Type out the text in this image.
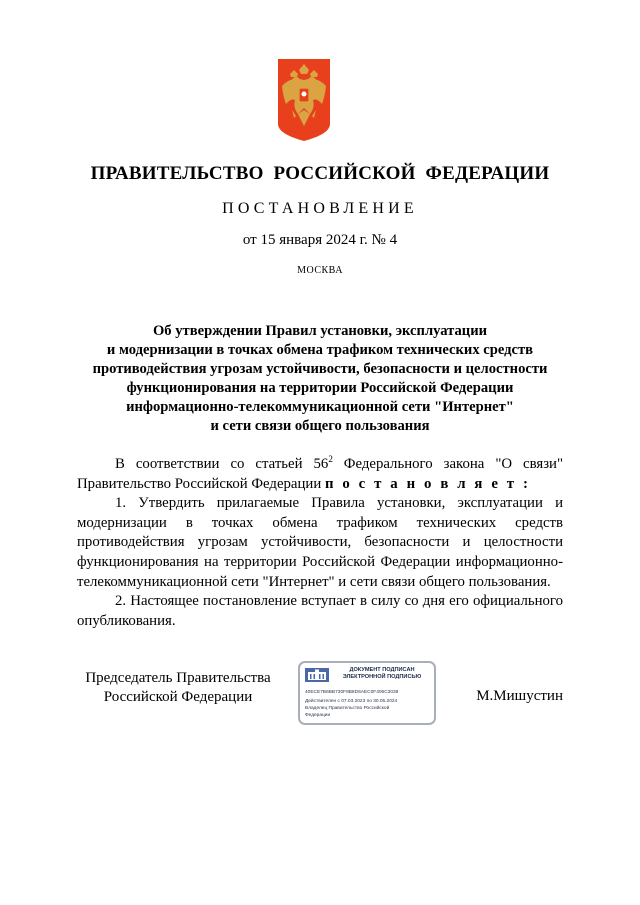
ПРАВИТЕЛЬСТВО РОССИЙСКОЙ ФЕДЕРАЦИИ
ПОСТАНОВЛЕНИЕ
от 15 января 2024 г. № 4
МОСКВА
Об утверждении Правил установки, эксплуатации
и модернизации в точках обмена трафиком технических средств
противодействия угрозам устойчивости, безопасности и целостности
функционирования на территории Российской Федерации
информационно-телекоммуникационной сети "Интернет"
и сети связи общего пользования

В соответствии со статьей $56^2$ Федерального закона "О связи" Правительство Российской Федерации п о с т а н о в л я е т :

1. Утвердить прилагаемые Правила установки, эксплуатации и модернизации в точках обмена трафиком технических средств противодействия угрозам устойчивости, безопасности и целостности функционирования на территории Российской Федерации информационно-телекоммуникационной сети "Интернет" и сети связи общего пользования.

2. Настоящее постановление вступает в силу со дня его официального опубликования.

Председатель Правительства
Российской Федерации
ДОКУМЕНТ ПОДПИСАН
ЭЛЕКТРОННОЙ ПОДПИСЬЮ
40ECE7B6BB730F8B8D6AEC0F406C3038
Действителен с 07.03.2023 по 30.05.2024
Владелец Правительство Российской
Федерации
М.Мишустин
